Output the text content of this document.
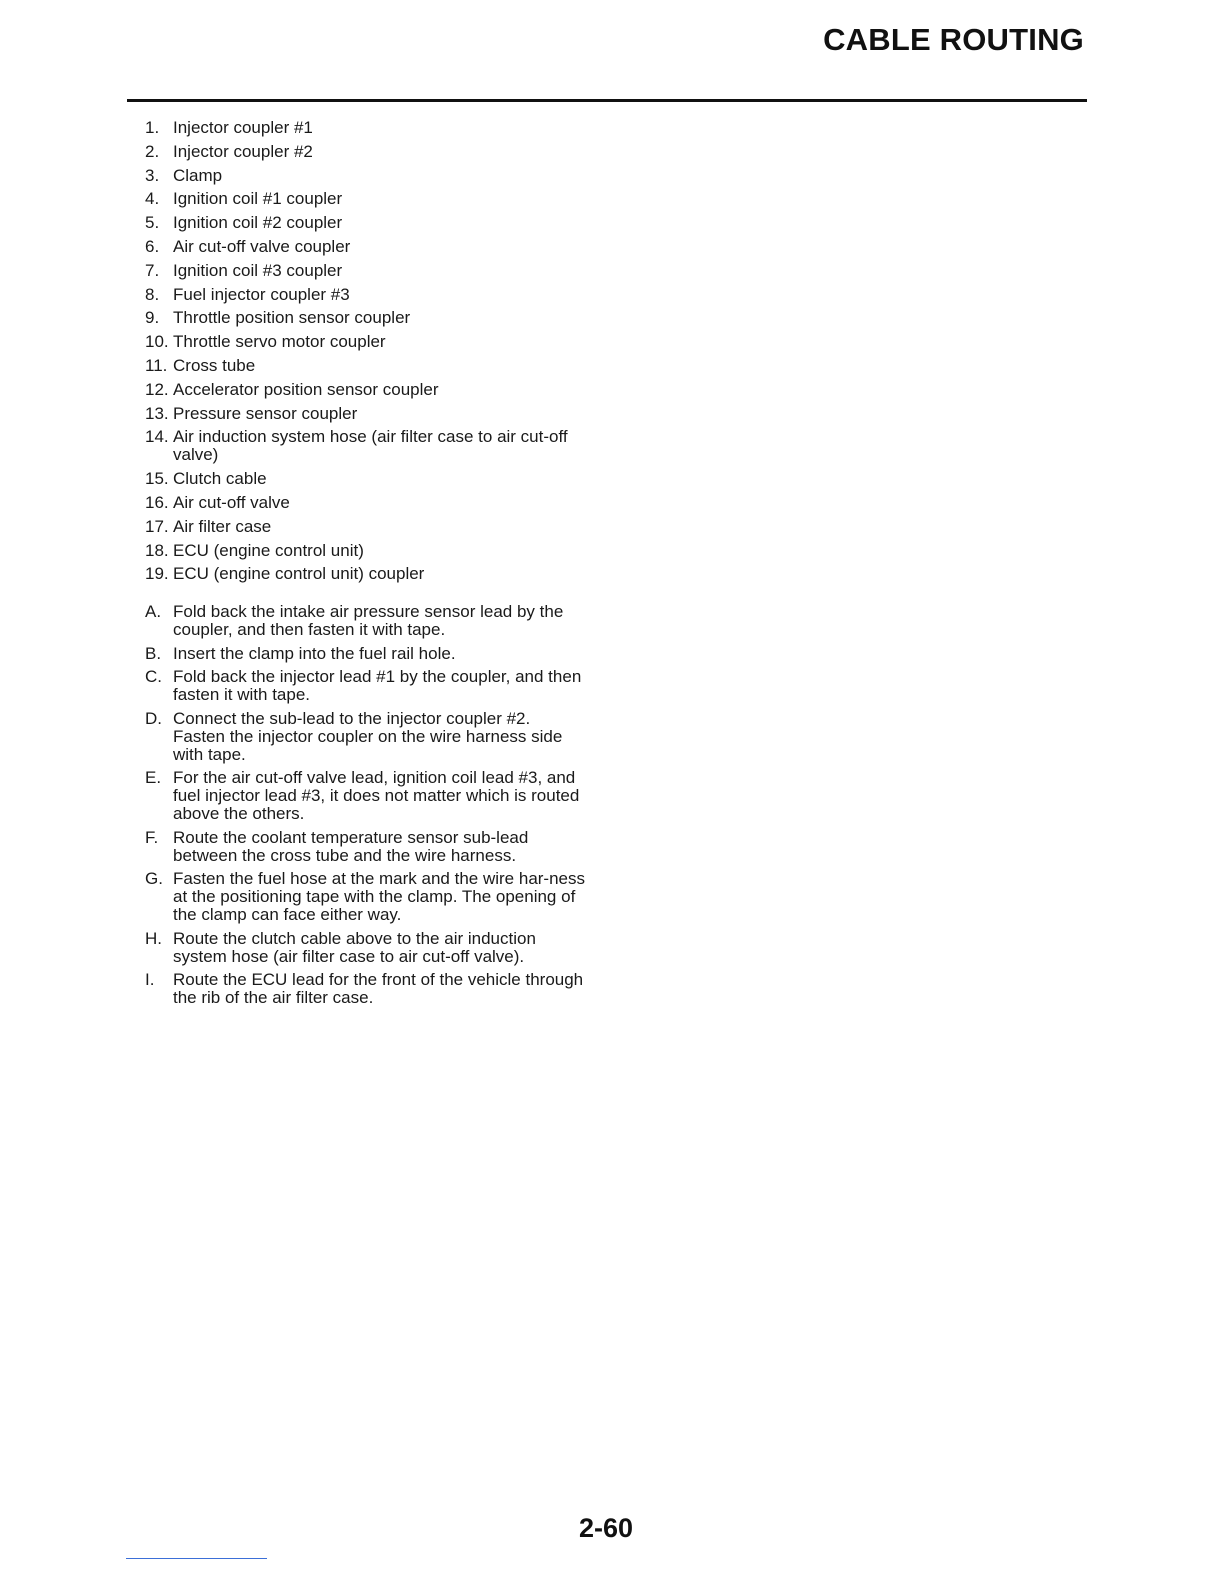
CABLE ROUTING
1. Injector coupler #1
2. Injector coupler #2
3. Clamp
4. Ignition coil #1 coupler
5. Ignition coil #2 coupler
6. Air cut-off valve coupler
7. Ignition coil #3 coupler
8. Fuel injector coupler #3
9. Throttle position sensor coupler
10. Throttle servo motor coupler
11. Cross tube
12. Accelerator position sensor coupler
13. Pressure sensor coupler
14. Air induction system hose (air filter case to air cut-off valve)
15. Clutch cable
16. Air cut-off valve
17. Air filter case
18. ECU (engine control unit)
19. ECU (engine control unit) coupler
A. Fold back the intake air pressure sensor lead by the coupler, and then fasten it with tape.
B. Insert the clamp into the fuel rail hole.
C. Fold back the injector lead #1 by the coupler, and then fasten it with tape.
D. Connect the sub-lead to the injector coupler #2. Fasten the injector coupler on the wire harness side with tape.
E. For the air cut-off valve lead, ignition coil lead #3, and fuel injector lead #3, it does not matter which is routed above the others.
F. Route the coolant temperature sensor sub-lead between the cross tube and the wire harness.
G. Fasten the fuel hose at the mark and the wire har-ness at the positioning tape with the clamp. The opening of the clamp can face either way.
H. Route the clutch cable above to the air induction system hose (air filter case to air cut-off valve).
I.	Route the ECU lead for the front of the vehicle through the rib of the air filter case.
2-60
